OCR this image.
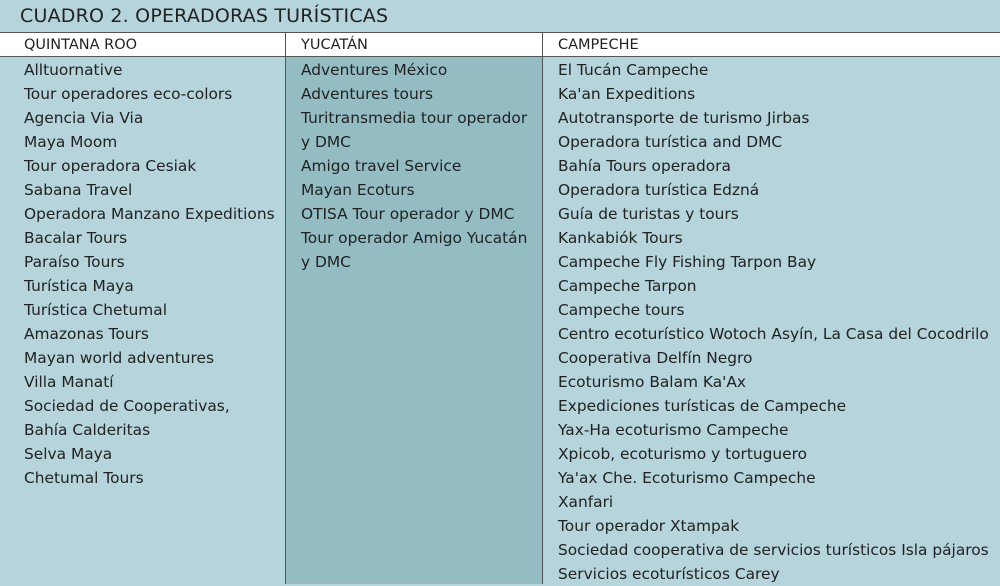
CUADRO 2. OPERADORAS TURÍSTICAS
QUINTANA ROO	YUCATÁN	CAMPECHE
Alltuornative
Tour operadores eco-colors
Agencia Via Via
Maya Moom
Tour operadora Cesiak
Sabana Travel
Operadora Manzano Expeditions
Bacalar Tours
Paraíso Tours
Turística Maya
Turística Chetumal
Amazonas Tours
Mayan world adventures
Villa Manatí
Sociedad de Cooperativas,
Bahía Calderitas
Selva Maya
Chetumal Tours
Adventures México
Adventures tours
Turitransmedia tour operador
y DMC
Amigo travel Service
Mayan Ecoturs
OTISA Tour operador y DMC
Tour operador Amigo Yucatán
y DMC
El Tucán Campeche
Ka'an Expeditions
Autotransporte de turismo Jirbas
Operadora turística and DMC
Bahía Tours operadora
Operadora turística Edzná
Guía de turistas y tours
Kankabiók Tours
Campeche Fly Fishing Tarpon Bay
Campeche Tarpon
Campeche tours
Centro ecoturístico Wotoch Asyín, La Casa del Cocodrilo
Cooperativa Delfín Negro
Ecoturismo Balam Ka'Ax
Expediciones turísticas de Campeche
Yax-Ha ecoturismo Campeche
Xpicob, ecoturismo y tortuguero
Ya'ax Che. Ecoturismo Campeche
Xanfari
Tour operador Xtampak
Sociedad cooperativa de servicios turísticos Isla pájaros
Servicios ecoturísticos Carey
